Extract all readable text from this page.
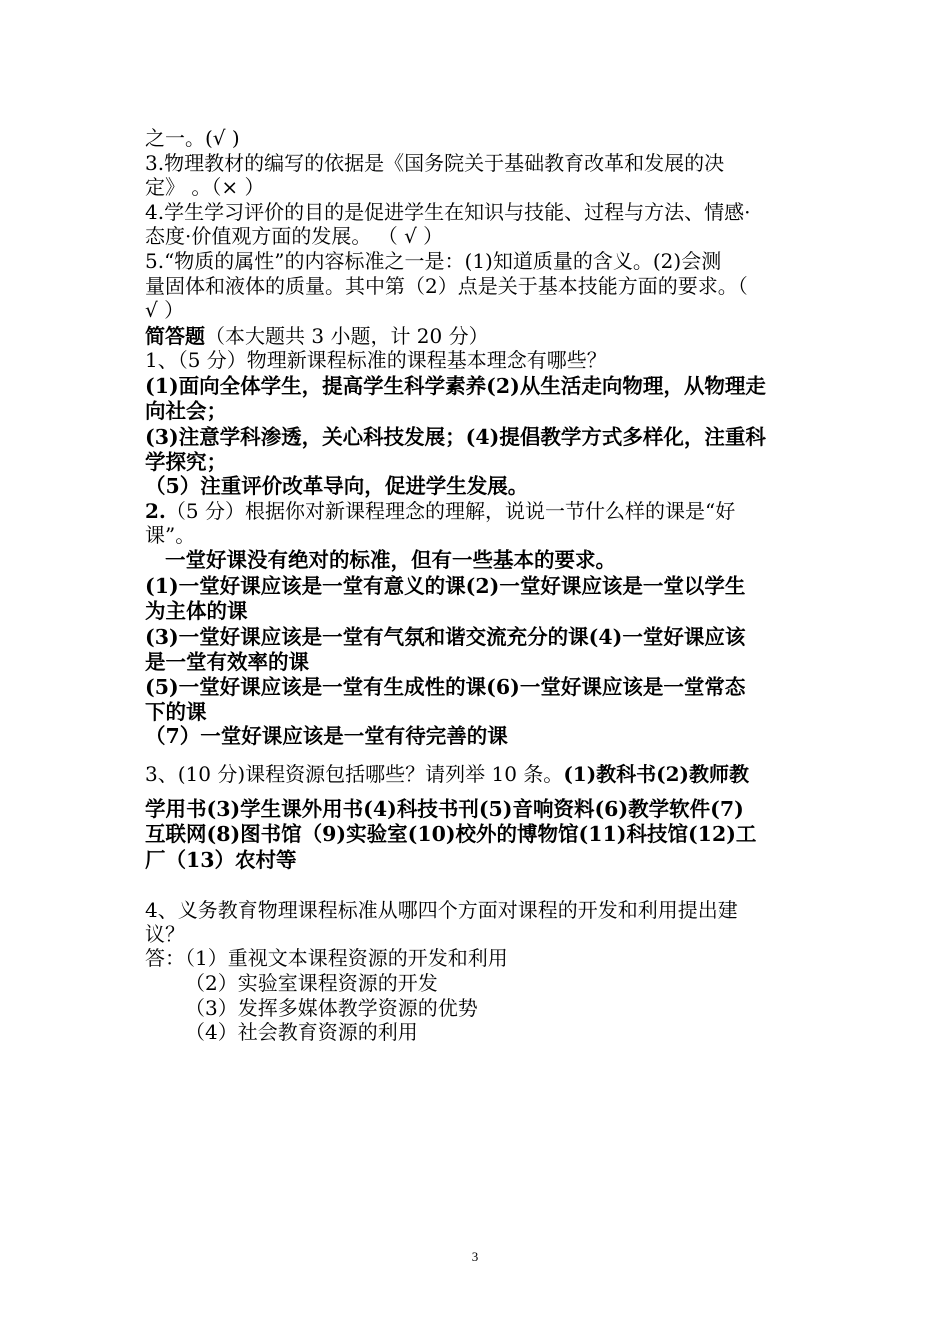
之一。(√ )
3.物理教材的编写的依据是《国务院关于基础教育改革和发展的决
定》 。（× ）
4.学生学习评价的目的是促进学生在知识与技能、过程与方法、情感·
态度·价值观方面的发展。 （ √ ）
5.“物质的属性”的内容标准之一是：(1)知道质量的含义。(2)会测
量固体和液体的质量。其中第（2）点是关于基本技能方面的要求。（
√ ）
简答题（本大题共 3 小题，计 20 分）
1、（5 分）物理新课程标准的课程基本理念有哪些？
(1)面向全体学生，提高学生科学素养(2)从生活走向物理，从物理走
向社会；
(3)注意学科渗透，关心科技发展；(4)提倡教学方式多样化，注重科
学探究；
（5）注重评价改革导向，促进学生发展。
2.（5 分）根据你对新课程理念的理解，说说一节什么样的课是“好
课”。
一堂好课没有绝对的标准，但有一些基本的要求。
(1)一堂好课应该是一堂有意义的课(2)一堂好课应该是一堂以学生
为主体的课
(3)一堂好课应该是一堂有气氛和谐交流充分的课(4)一堂好课应该
是一堂有效率的课
(5)一堂好课应该是一堂有生成性的课(6)一堂好课应该是一堂常态
下的课
（7）一堂好课应该是一堂有待完善的课
3、(10 分)课程资源包括哪些？请列举 10 条。(1)教科书(2)教师教
学用书(3)学生课外用书(4)科技书刊(5)音响资料(6)教学软件(7)
互联网(8)图书馆（9)实验室(10)校外的博物馆(11)科技馆(12)工
厂（13）农村等
4、义务教育物理课程标准从哪四个方面对课程的开发和利用提出建
议？
答：（1）重视文本课程资源的开发和利用
（2）实验室课程资源的开发
（3）发挥多媒体教学资源的优势
（4）社会教育资源的利用
3
